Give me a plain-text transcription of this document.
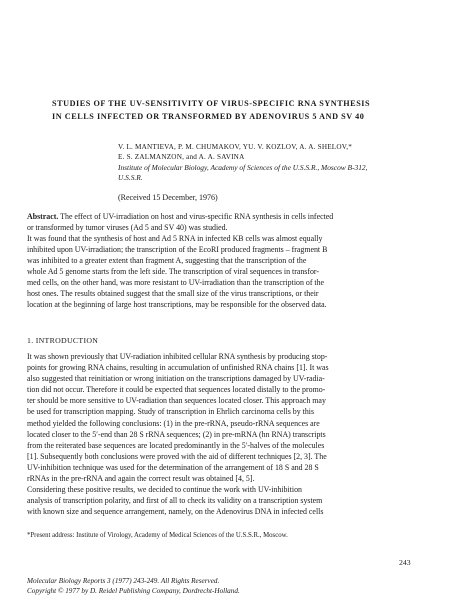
STUDIES OF THE UV-SENSITIVITY OF VIRUS-SPECIFIC RNA SYNTHESIS
IN CELLS INFECTED OR TRANSFORMED BY ADENOVIRUS 5 AND SV 40
V. L. MANTIEVA, P. M. CHUMAKOV, YU. V. KOZLOV, A. A. SHELOV,*
E. S. ZALMANZON, and A. A. SAVINA
Institute of Molecular Biology, Academy of Sciences of the U.S.S.R., Moscow B-312,
U.S.S.R.
(Received 15 December, 1976)
Abstract. The effect of UV-irradiation on host and virus-specific RNA synthesis in cells infected
or transformed by tumor viruses (Ad 5 and SV 40) was studied.
It was found that the synthesis of host and Ad 5 RNA in infected KB cells was almost equally
inhibited upon UV-irradiation; the transcription of the EcoRI produced fragments – fragment B
was inhibited to a greater extent than fragment A, suggesting that the transcription of the
whole Ad 5 genome starts from the left side. The transcription of viral sequences in transfor-
med cells, on the other hand, was more resistant to UV-irradiation than the transcription of the
host ones. The results obtained suggest that the small size of the virus transcriptions, or their
location at the beginning of large host transcriptions, may be responsible for the observed data.
1. INTRODUCTION
It was shown previously that UV-radiation inhibited cellular RNA synthesis by producing stop-
points for growing RNA chains, resulting in accumulation of unfinished RNA chains [1]. It was
also suggested that reinitiation or wrong initiation on the transcriptions damaged by UV-radia-
tion did not occur. Therefore it could be expected that sequences located distally to the promo-
ter should be more sensitive to UV-radiation than sequences located closer. This approach may
be used for transcription mapping. Study of transcription in Ehrlich carcinoma cells by this
method yielded the following conclusions: (1) in the pre-rRNA, pseudo-rRNA sequences are
located closer to the 5′-end than 28 S rRNA sequences; (2) in pre-mRNA (hn RNA) transcripts
from the reiterated base sequences are located predominantly in the 5′-halves of the molecules
[1]. Subsequently both conclusions were proved with the aid of different techniques [2, 3]. The
UV-inhibition technique was used for the determination of the arrangement of 18 S and 28 S
rRNAs in the pre-rRNA and again the correct result was obtained [4, 5].
Considering these positive results, we decided to continue the work with UV-inhibition
analysis of transcription polarity, and first of all to check its validity on a transcription system
with known size and sequence arrangement, namely, on the Adenovirus DNA in infected cells
*Present address: Institute of Virology, Academy of Medical Sciences of the U.S.S.R., Moscow.
243
Molecular Biology Reports 3 (1977) 243-249. All Rights Reserved.
Copyright © 1977 by D. Reidel Publishing Company, Dordrecht-Holland.
